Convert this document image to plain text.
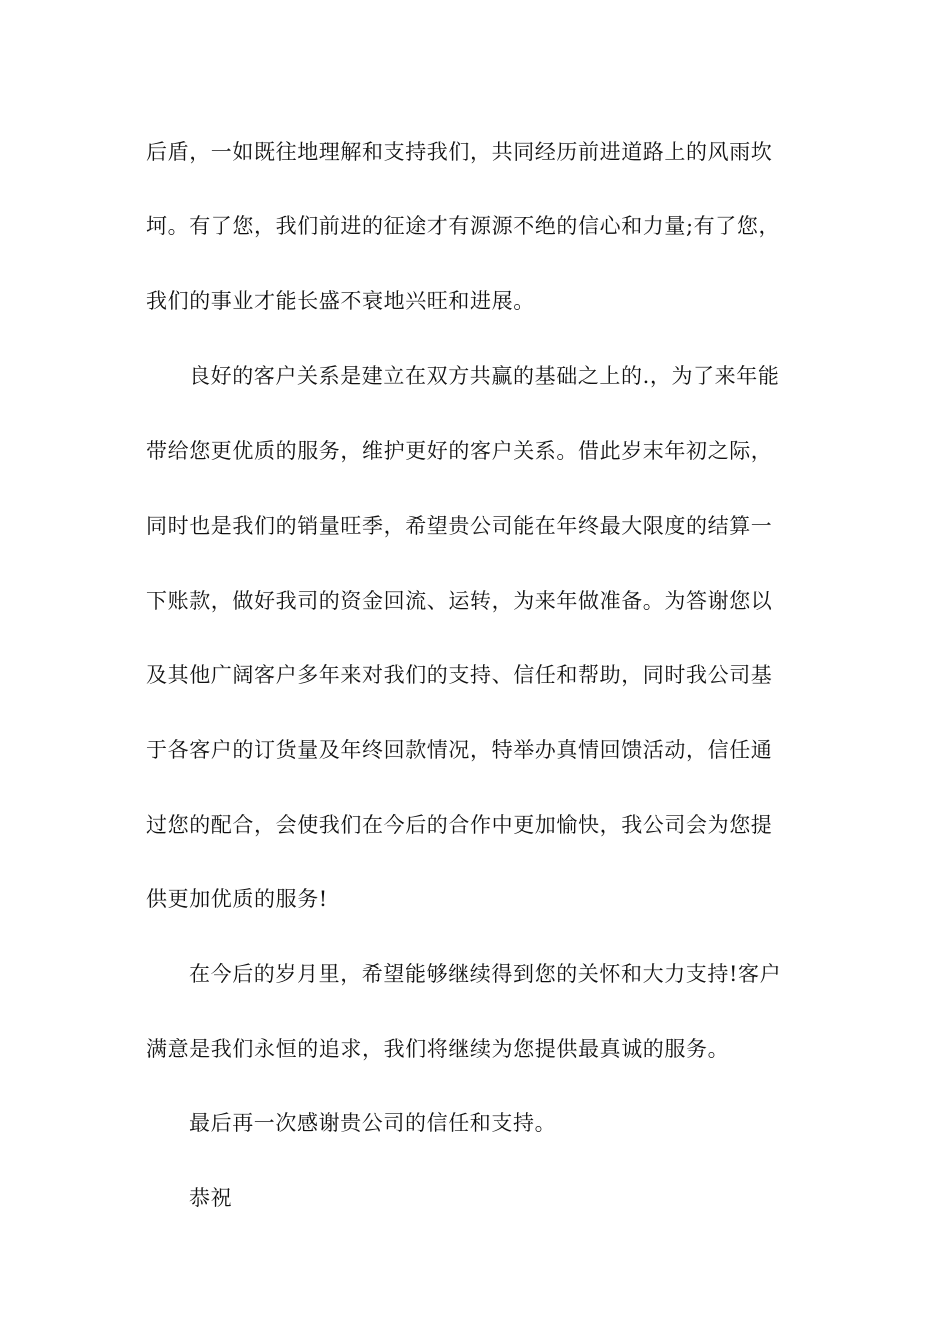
后盾，一如既往地理解和支持我们，共同经历前进道路上的风雨坎
坷。有了您，我们前进的征途才有源源不绝的信心和力量;有了您，
我们的事业才能长盛不衰地兴旺和进展。
良好的客户关系是建立在双方共赢的基础之上的.，为了来年能
带给您更优质的服务，维护更好的客户关系。借此岁末年初之际，
同时也是我们的销量旺季，希望贵公司能在年终最大限度的结算一
下账款，做好我司的资金回流、运转，为来年做准备。为答谢您以
及其他广阔客户多年来对我们的支持、信任和帮助，同时我公司基
于各客户的订货量及年终回款情况，特举办真情回馈活动，信任通
过您的配合，会使我们在今后的合作中更加愉快，我公司会为您提
供更加优质的服务!
在今后的岁月里，希望能够继续得到您的关怀和大力支持!客户
满意是我们永恒的追求，我们将继续为您提供最真诚的服务。
最后再一次感谢贵公司的信任和支持。
恭祝
